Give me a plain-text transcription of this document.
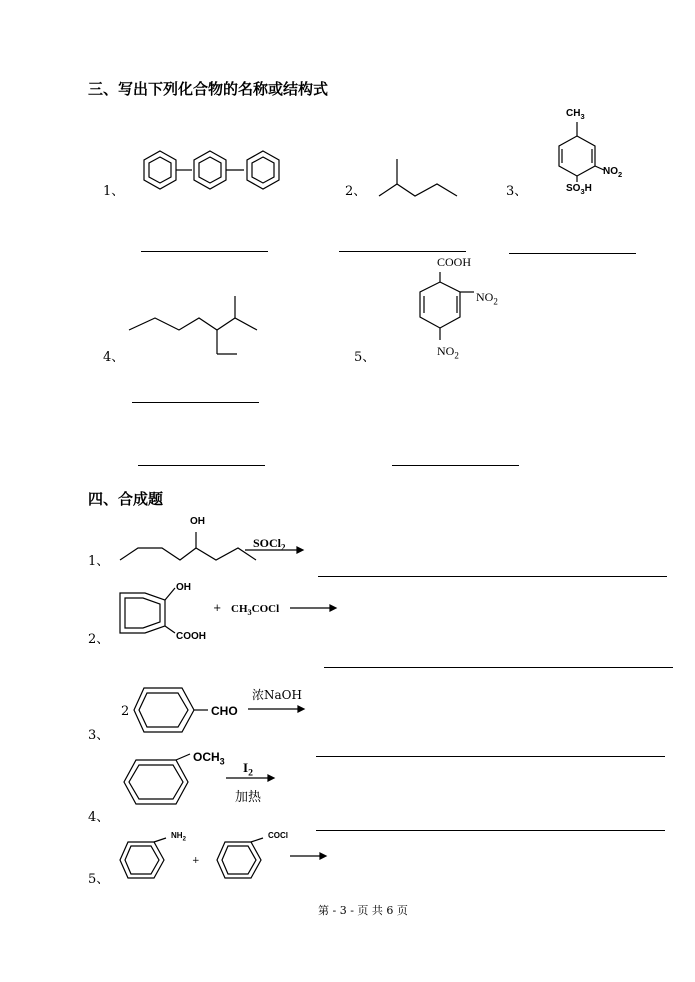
三、写出下列化合物的名称或结构式
1、	2、	3、
$CH_3$
$NO_2$
$SO_3H$
4、	5、
COOH
$NO_2$
$NO_2$
四、合成题
1、
OH
SOCl$_2$
2、
OH
COOH
+ $CH_3COCl$
3、
2	CHO
浓NaOH
4、
$OCH_3$ $I_2$
加热
5、
$NH_2$
+
COCl
第 - 3 - 页 共 6 页
